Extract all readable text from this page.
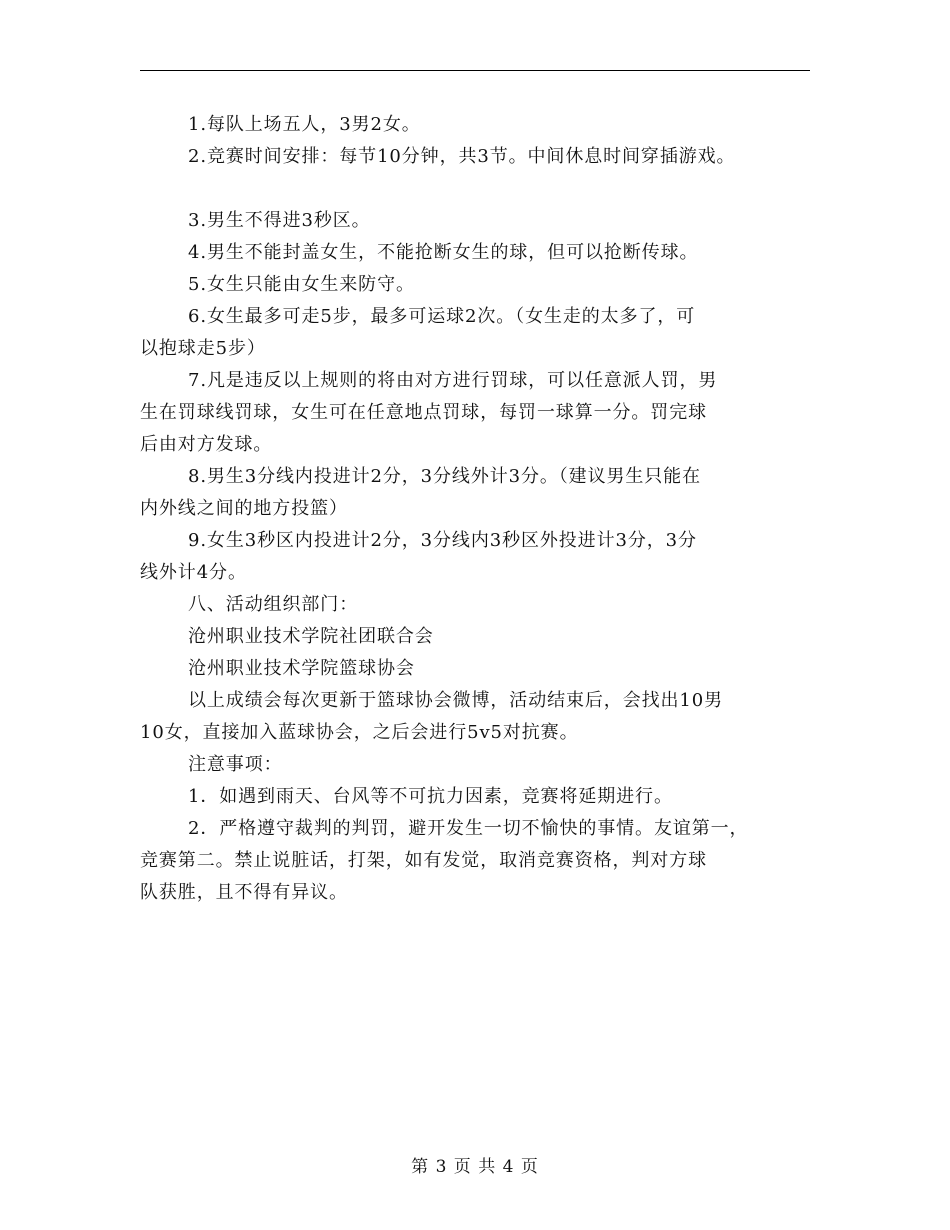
1.每队上场五人，3男2女。

2.竞赛时间安排：每节10分钟，共3节。中间休息时间穿插游戏。

3.男生不得进3秒区。

4.男生不能封盖女生，不能抢断女生的球，但可以抢断传球。

5.女生只能由女生来防守。

6.女生最多可走5步，最多可运球2次。（女生走的太多了，可
以抱球走5步）

7.凡是违反以上规则的将由对方进行罚球，可以任意派人罚，男
生在罚球线罚球，女生可在任意地点罚球，每罚一球算一分。罚完球
后由对方发球。

8.男生3分线内投进计2分，3分线外计3分。（建议男生只能在
内外线之间的地方投篮）

9.女生3秒区内投进计2分，3分线内3秒区外投进计3分，3分
线外计4分。

八、活动组织部门：

沧州职业技术学院社团联合会

沧州职业技术学院篮球协会

以上成绩会每次更新于篮球协会微博，活动结束后，会找出10男
10女，直接加入蓝球协会，之后会进行5v5对抗赛。

注意事项：

1．如遇到雨天、台风等不可抗力因素，竞赛将延期进行。

2．严格遵守裁判的判罚，避开发生一切不愉快的事情。友谊第一，
竞赛第二。禁止说脏话，打架，如有发觉，取消竞赛资格，判对方球
队获胜，且不得有异议。

第 3 页 共 4 页
